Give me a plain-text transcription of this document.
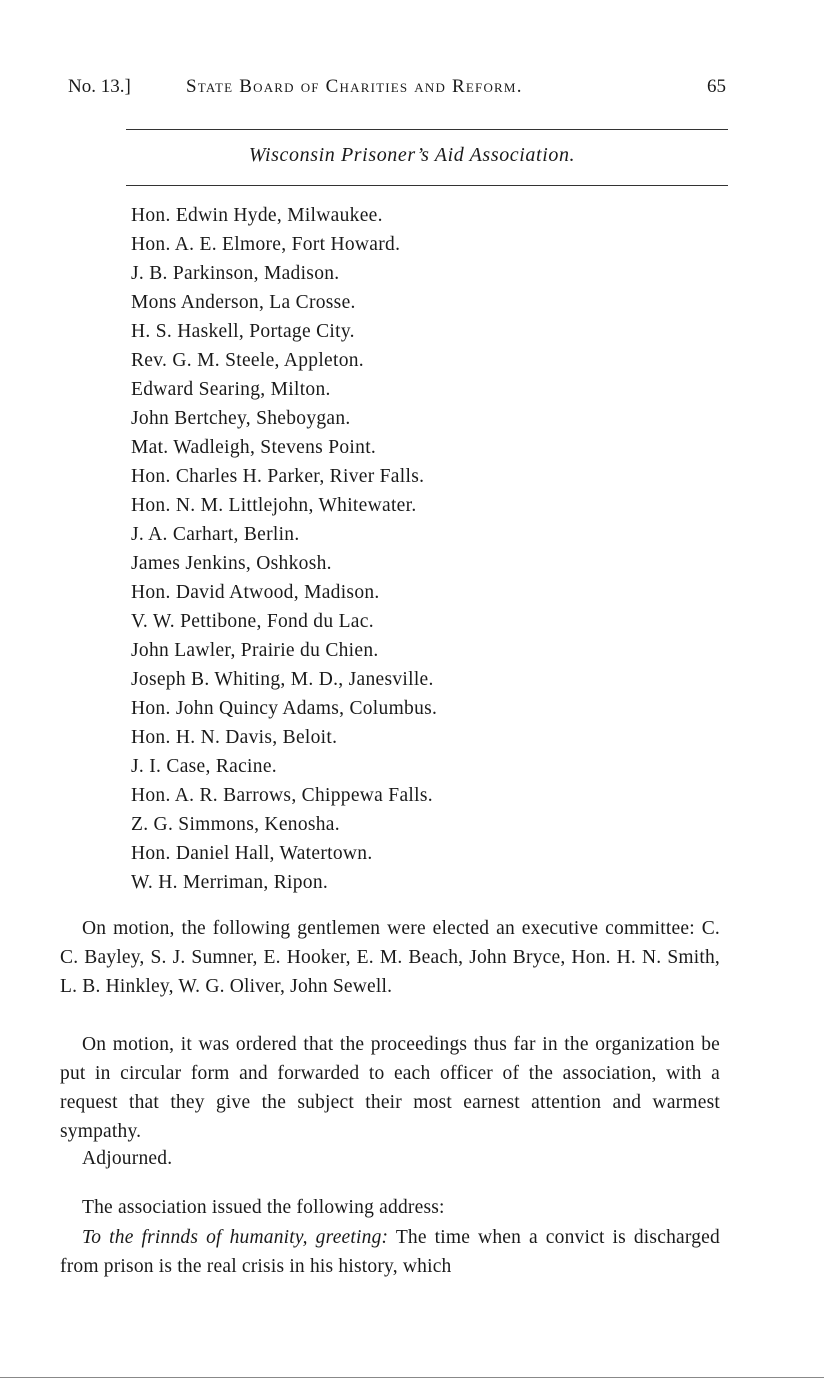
No. 13.]	State Board of Charities and Reform.	65
Wisconsin Prisoner’s Aid Association.
Hon. Edwin Hyde, Milwaukee.
Hon. A. E. Elmore, Fort Howard.
J. B. Parkinson, Madison.
Mons Anderson, La Crosse.
H. S. Haskell, Portage City.
Rev. G. M. Steele, Appleton.
Edward Searing, Milton.
John Bertchey, Sheboygan.
Mat. Wadleigh, Stevens Point.
Hon. Charles H. Parker, River Falls.
Hon. N. M. Littlejohn, Whitewater.
J. A. Carhart, Berlin.
James Jenkins, Oshkosh.
Hon. David Atwood, Madison.
V. W. Pettibone, Fond du Lac.
John Lawler, Prairie du Chien.
Joseph B. Whiting, M. D., Janesville.
Hon. John Quincy Adams, Columbus.
Hon. H. N. Davis, Beloit.
J. I. Case, Racine.
Hon. A. R. Barrows, Chippewa Falls.
Z. G. Simmons, Kenosha.
Hon. Daniel Hall, Watertown.
W. H. Merriman, Ripon.

On motion, the following gentlemen were elected an executive committee: C. C. Bayley, S. J. Sumner, E. Hooker, E. M. Beach, John Bryce, Hon. H. N. Smith, L. B. Hinkley, W. G. Oliver, John Sewell.

On motion, it was ordered that the proceedings thus far in the organization be put in circular form and forwarded to each officer of the association, with a request that they give the subject their most earnest attention and warmest sympathy.

Adjourned.

The association issued the following address:

To the frinnds of humanity, greeting: The time when a convict is discharged from prison is the real crisis in his history, which
